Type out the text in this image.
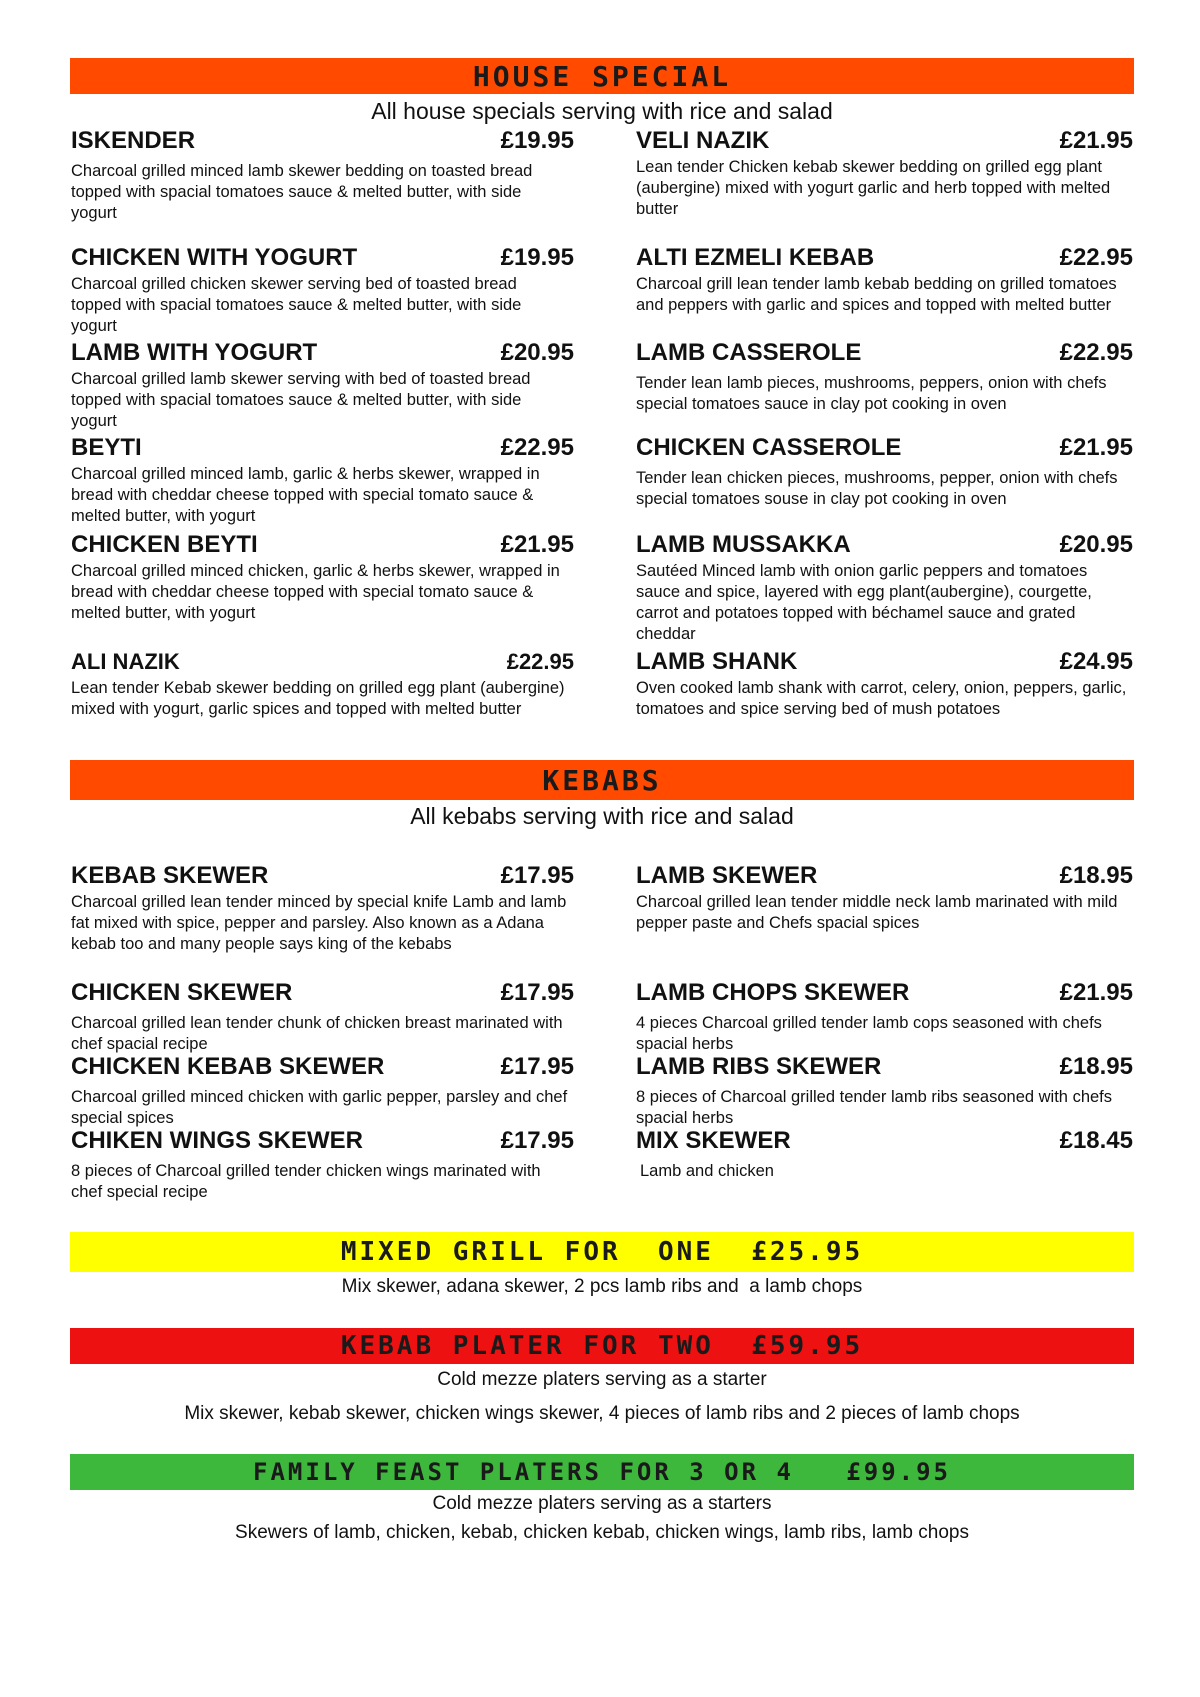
HOUSE SPECIAL
All house specials serving with rice and salad
ISKENDER	£19.95
Charcoal grilled minced lamb skewer bedding on toasted bread topped with spacial tomatoes sauce & melted butter, with side yogurt
VELI NAZIK	£21.95
Lean tender Chicken kebab skewer bedding on grilled egg plant (aubergine) mixed with yogurt garlic and herb topped with melted butter
CHICKEN WITH YOGURT	£19.95
Charcoal grilled chicken skewer serving bed of toasted bread topped with spacial tomatoes sauce & melted butter, with side yogurt
ALTI EZMELI KEBAB	£22.95
Charcoal grill lean tender lamb kebab bedding on grilled tomatoes and peppers with garlic and spices and topped with melted butter
LAMB WITH YOGURT	£20.95
Charcoal grilled lamb skewer serving with bed of toasted bread topped with spacial tomatoes sauce & melted butter, with side yogurt
LAMB CASSEROLE	£22.95
Tender lean lamb pieces, mushrooms, peppers, onion with chefs special tomatoes sauce in clay pot cooking in oven
BEYTI	£22.95
Charcoal grilled minced lamb, garlic & herbs skewer, wrapped in bread with cheddar cheese topped with special tomato sauce & melted butter, with yogurt
CHICKEN CASSEROLE	£21.95
Tender lean chicken pieces, mushrooms, pepper, onion with chefs special tomatoes souse in clay pot cooking in oven
CHICKEN BEYTI	£21.95
Charcoal grilled minced chicken, garlic & herbs skewer, wrapped in bread with cheddar cheese topped with special tomato sauce & melted butter, with yogurt
LAMB MUSSAKKA	£20.95
Sautéed Minced lamb with onion garlic peppers and tomatoes sauce and spice, layered with egg plant(aubergine), courgette, carrot and potatoes topped with béchamel sauce and grated cheddar
ALI NAZIK	£22.95
Lean tender Kebab skewer bedding on grilled egg plant (aubergine) mixed with yogurt, garlic spices and topped with melted butter
LAMB SHANK	£24.95
Oven cooked lamb shank with carrot, celery, onion, peppers, garlic, tomatoes and spice serving bed of mush potatoes
KEBABS
All kebabs serving with rice and salad
KEBAB SKEWER	£17.95
Charcoal grilled lean tender minced by special knife Lamb and lamb fat mixed with spice, pepper and parsley. Also known as a Adana kebab too and many people says king of the kebabs
LAMB SKEWER	£18.95
Charcoal grilled lean tender middle neck lamb marinated with mild pepper paste and Chefs spacial spices
CHICKEN SKEWER	£17.95
Charcoal grilled lean tender chunk of chicken breast marinated with chef spacial recipe
LAMB CHOPS SKEWER	£21.95
4 pieces Charcoal grilled tender lamb cops seasoned with chefs spacial herbs
CHICKEN KEBAB SKEWER	£17.95
Charcoal grilled minced chicken with garlic pepper, parsley and chef special spices
LAMB RIBS SKEWER	£18.95
8 pieces of Charcoal grilled tender lamb ribs seasoned with chefs spacial herbs
CHIKEN WINGS SKEWER	£17.95
8 pieces of Charcoal grilled tender chicken wings marinated with chef special recipe
MIX SKEWER	£18.45
Lamb and chicken
MIXED GRILL FOR  ONE  £25.95
Mix skewer, adana skewer, 2 pcs lamb ribs and  a lamb chops
KEBAB PLATER FOR TWO  £59.95
Cold mezze platers serving as a starter
Mix skewer, kebab skewer, chicken wings skewer, 4 pieces of lamb ribs and 2 pieces of lamb chops
FAMILY FEAST PLATERS FOR 3 OR 4   £99.95
Cold mezze platers serving as a starters
Skewers of lamb, chicken, kebab, chicken kebab, chicken wings, lamb ribs, lamb chops
